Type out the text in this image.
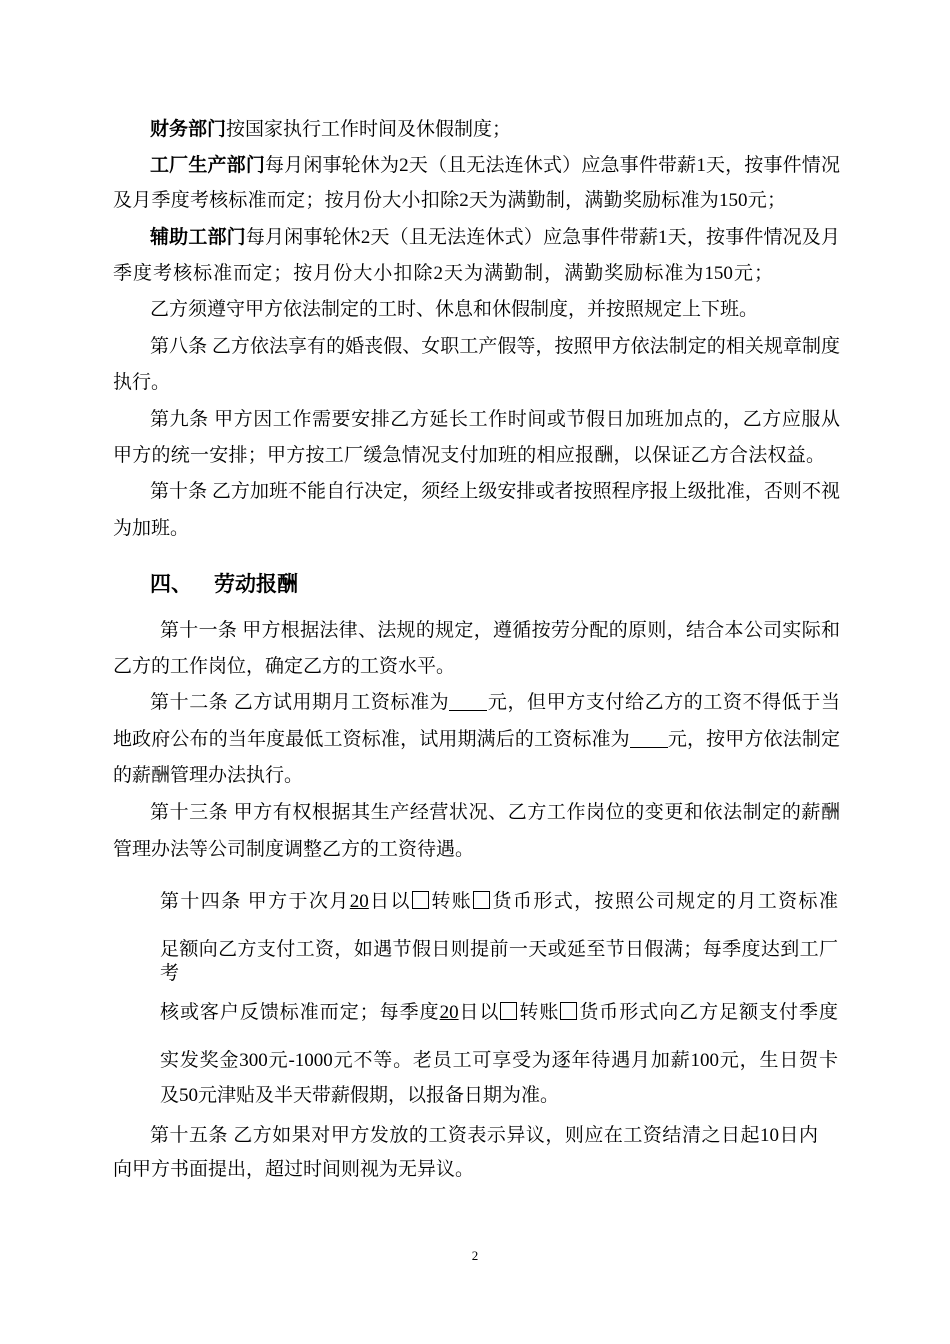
财务部门按国家执行工作时间及休假制度；
工厂生产部门每月闲事轮休为2天（且无法连休式）应急事件带薪1天，按事件情况
及月季度考核标准而定；按月份大小扣除2天为满勤制，满勤奖励标准为150元；
辅助工部门每月闲事轮休2天（且无法连休式）应急事件带薪1天，按事件情况及月
季度考核标准而定；按月份大小扣除2天为满勤制，满勤奖励标准为150元；
乙方须遵守甲方依法制定的工时、休息和休假制度，并按照规定上下班。
第八条 乙方依法享有的婚丧假、女职工产假等，按照甲方依法制定的相关规章制度
执行。
第九条 甲方因工作需要安排乙方延长工作时间或节假日加班加点的，乙方应服从
甲方的统一安排；甲方按工厂缓急情况支付加班的相应报酬，以保证乙方合法权益。
第十条 乙方加班不能自行决定，须经上级安排或者按照程序报上级批准，否则不视
为加班。
四、 劳动报酬
第十一条 甲方根据法律、法规的规定，遵循按劳分配的原则，结合本公司实际和
乙方的工作岗位，确定乙方的工资水平。
第十二条 乙方试用期月工资标准为 元，但甲方支付给乙方的工资不得低于当
地政府公布的当年度最低工资标准，试用期满后的工资标准为 元，按甲方依法制定
的薪酬管理办法执行。
第十三条 甲方有权根据其生产经营状况、乙方工作岗位的变更和依法制定的薪酬
管理办法等公司制度调整乙方的工资待遇。
第十四条 甲方于次月20日以 转账 货币形式，按照公司规定的月工资标准
足额向乙方支付工资，如遇节假日则提前一天或延至节日假满；每季度达到工厂考
核或客户反馈标准而定；每季度20日以 转账 货币形式向乙方足额支付季度
实发奖金300元-1000元不等。老员工可享受为逐年待遇月加薪100元，生日贺卡
及50元津贴及半天带薪假期，以报备日期为准。
第十五条 乙方如果对甲方发放的工资表示异议，则应在工资结清之日起10日内
向甲方书面提出，超过时间则视为无异议。
2
